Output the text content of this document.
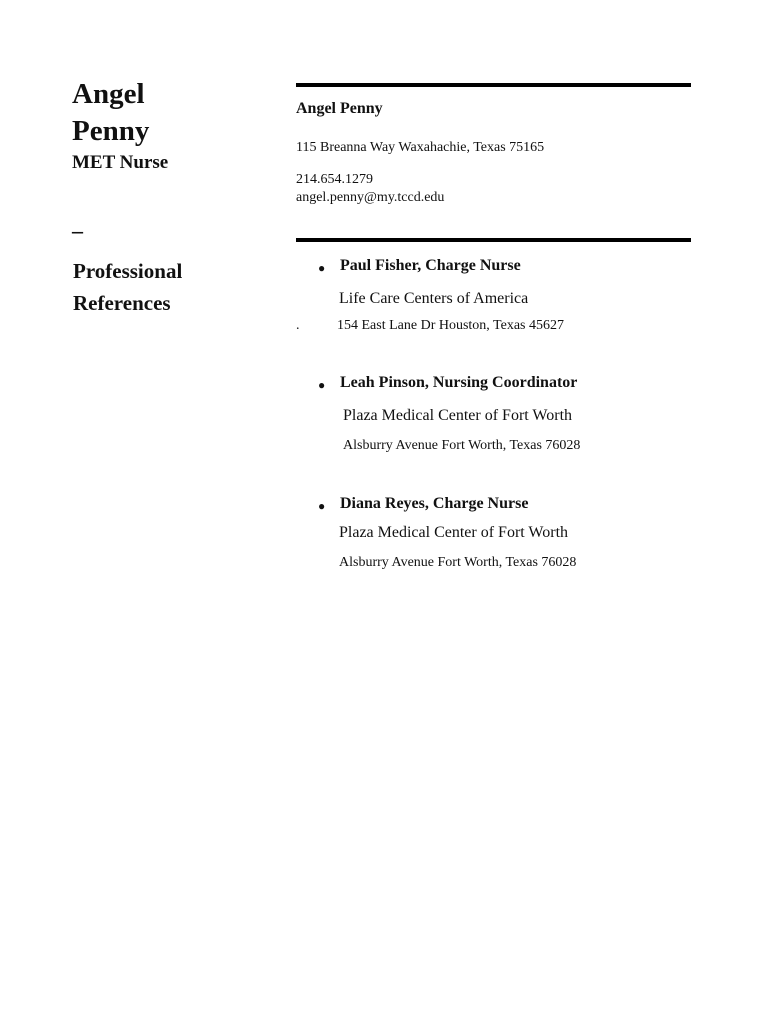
Angel
Penny
MET Nurse
–
Professional
References
Angel Penny
115 Breanna Way Waxahachie, Texas 75165
214.654.1279
angel.penny@my.tccd.edu
● Paul Fisher, Charge Nurse
Life Care Centers of America
.	154 East Lane Dr Houston, Texas 45627
● Leah Pinson, Nursing Coordinator
Plaza Medical Center of Fort Worth
Alsburry Avenue Fort Worth, Texas 76028
● Diana Reyes, Charge Nurse
Plaza Medical Center of Fort Worth
Alsburry Avenue Fort Worth, Texas 76028
